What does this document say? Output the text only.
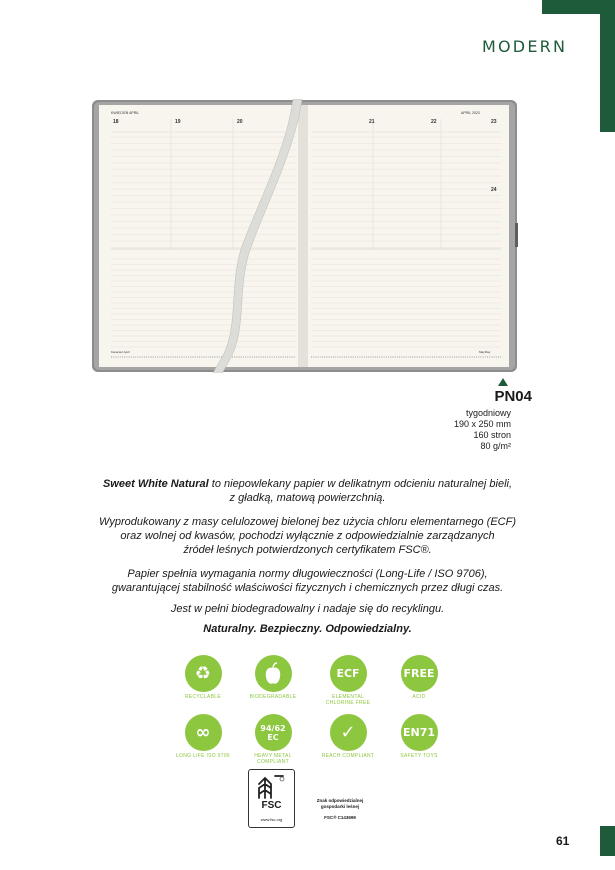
MODERN
KWIECIEŃ APRIL	APRIL 2023
Kwiecień April	Maj May
18	19	20	21	22	23
24
PN04
tygodniowy
190 x 250 mm
160 stron
80 g/m²
Sweet White Natural to niepowlekany papier w delikatnym odcieniu naturalnej bieli,
z gładką, matową powierzchnią.
Wyprodukowany z masy celulozowej bielonej bez użycia chloru elementarnego (ECF)
oraz wolnej od kwasów, pochodzi wyłącznie z odpowiedzialnie zarządzanych
źródeł leśnych potwierdzonych certyfikatem FSC®.
Papier spełnia wymagania normy długowieczności (Long-Life / ISO 9706),
gwarantującej stabilność właściwości fizycznych i chemicznych przez długi czas.
Jest w pełni biodegradowalny i nadaje się do recyklingu.
Naturalny. Bezpieczny. Odpowiedzialny.
♻
RECYCLABLE	BIODEGRADABLE
ECF
ELEMENTAL CHLORINE FREE
FREE
ACID
∞
LONG LIFE ISO 9706
94/62 EC
HEAVY METAL COMPLIANT
✓
REACH COMPLIANT
EN71
SAFETY TOYS
FSC
www.fsc.org
Znak odpowiedzialnej
gospodarki leśnej
FSC® C143699
61
